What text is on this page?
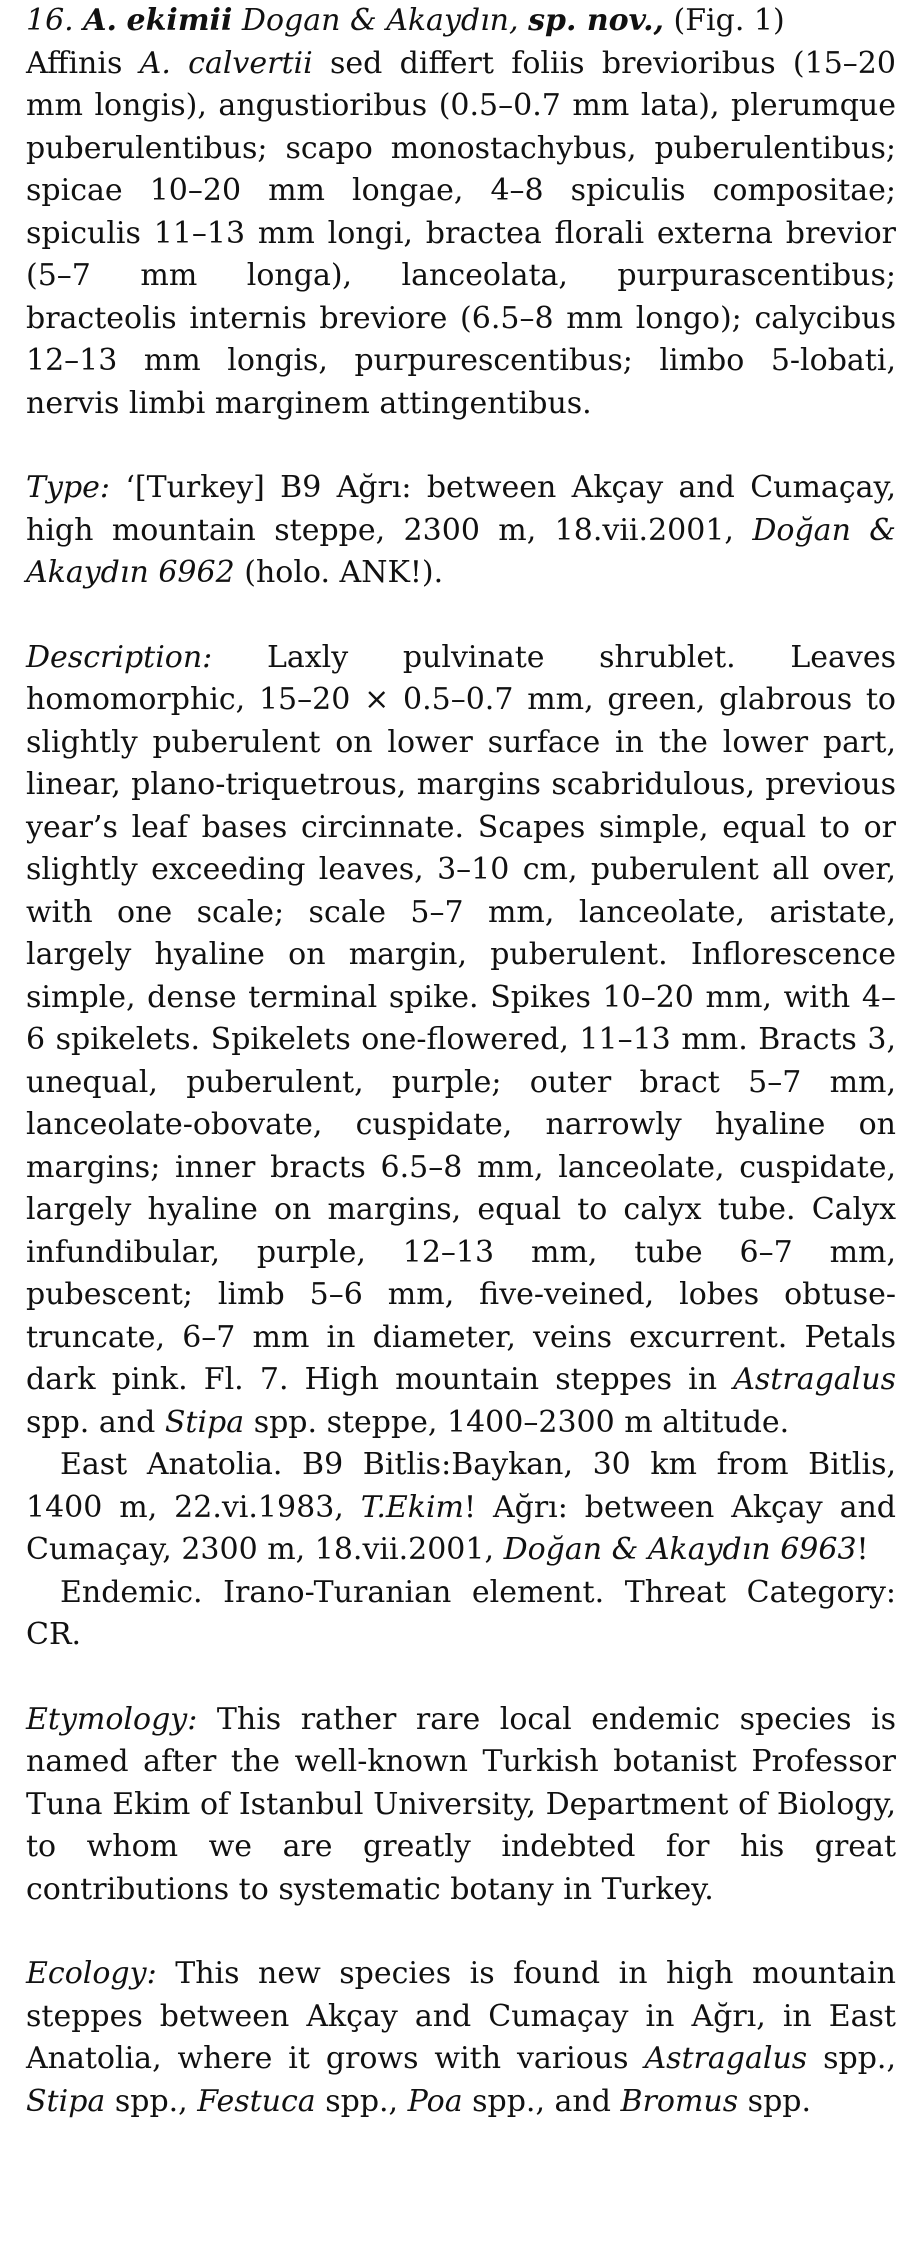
16. A. ekimii Dogan & Akaydın, sp. nov., (Fig. 1)

Affinis A. calvertii sed differt foliis brevioribus (15–20 mm longis), angustioribus (0.5–0.7 mm lata), plerumque puberulentibus; scapo monostachybus, puberulentibus; spicae 10–20 mm longae, 4–8 spiculis compositae; spiculis 11–13 mm longi, bractea florali externa brevior (5–7 mm longa), lanceolata, purpurascentibus; bracteolis internis breviore (6.5–8 mm longo); calycibus 12–13 mm longis, purpurescentibus; limbo 5-lobati, nervis limbi marginem attingentibus.

Type: ‘[Turkey] B9 Ağrı: between Akçay and Cumaçay, high mountain steppe, 2300 m, 18.vii.2001, Doğan & Akaydın 6962 (holo. ANK!).

Description: Laxly pulvinate shrublet. Leaves homomorphic, 15–20 × 0.5–0.7 mm, green, glabrous to slightly puberulent on lower surface in the lower part, linear, plano-triquetrous, margins scabridulous, previous year’s leaf bases circinnate. Scapes simple, equal to or slightly exceeding leaves, 3–10 cm, puberulent all over, with one scale; scale 5–7 mm, lanceolate, aristate, largely hyaline on margin, puberulent. Inflorescence simple, dense terminal spike. Spikes 10–20 mm, with 4–6 spikelets. Spikelets one-flowered, 11–13 mm. Bracts 3, unequal, puberulent, purple; outer bract 5–7 mm, lanceolate-obovate, cuspidate, narrowly hyaline on margins; inner bracts 6.5–8 mm, lanceolate, cuspidate, largely hyaline on margins, equal to calyx tube. Calyx infundibular, purple, 12–13 mm, tube 6–7 mm, pubescent; limb 5–6 mm, five-veined, lobes obtuse-truncate, 6–7 mm in diameter, veins excurrent. Petals dark pink. Fl. 7. High mountain steppes in Astragalus spp. and Stipa spp. steppe, 1400–2300 m altitude.

East Anatolia. B9 Bitlis:Baykan, 30 km from Bitlis, 1400 m, 22.vi.1983, T.Ekim! Ağrı: between Akçay and Cumaçay, 2300 m, 18.vii.2001, Doğan & Akaydın 6963!

Endemic. Irano-Turanian element. Threat Category: CR.

Etymology: This rather rare local endemic species is named after the well-known Turkish botanist Professor Tuna Ekim of Istanbul University, Department of Biology, to whom we are greatly indebted for his great contributions to systematic botany in Turkey.

Ecology: This new species is found in high mountain steppes between Akçay and Cumaçay in Ağrı, in East Anatolia, where it grows with various Astragalus spp., Stipa spp., Festuca spp., Poa spp., and Bromus spp.
